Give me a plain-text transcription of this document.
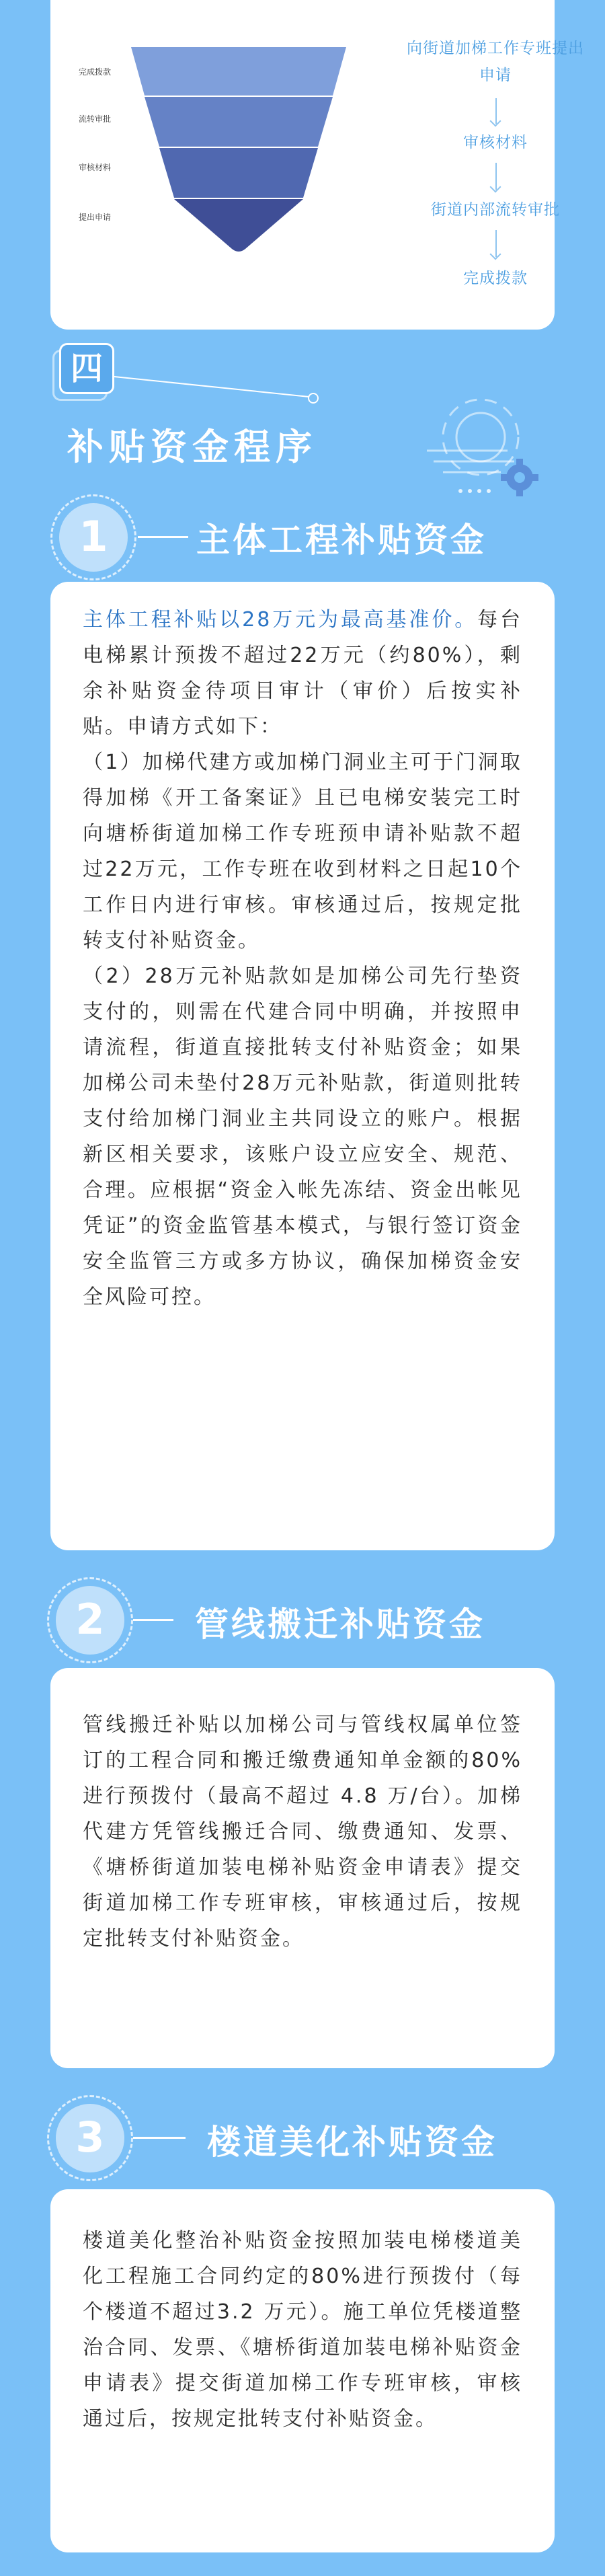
完成拨款
流转审批
审核材料
提出申请
向街道加梯工作专班提出申请
审核材料
街道内部流转审批
完成拨款
四
补贴资金程序
1	主体工程补贴资金

主体工程补贴以28万元为最高基准价。每台电梯累计预拨不超过22万元（约80%），剩余补贴资金待项目审计（审价）后按实补贴。申请方式如下：

（1）加梯代建方或加梯门洞业主可于门洞取得加梯《开工备案证》且已电梯安装完工时向塘桥街道加梯工作专班预申请补贴款不超过22万元，工作专班在收到材料之日起10个工作日内进行审核。审核通过后，按规定批转支付补贴资金。

（2）28万元补贴款如是加梯公司先行垫资支付的，则需在代建合同中明确，并按照申请流程，街道直接批转支付补贴资金；如果加梯公司未垫付28万元补贴款，街道则批转支付给加梯门洞业主共同设立的账户。根据新区相关要求，该账户设立应安全、规范、合理。应根据“资金入帐先冻结、资金出帐见凭证”的资金监管基本模式，与银行签订资金安全监管三方或多方协议，确保加梯资金安全风险可控。

2	管线搬迁补贴资金

管线搬迁补贴以加梯公司与管线权属单位签订的工程合同和搬迁缴费通知单金额的80%进行预拨付（最高不超过 4.8 万/台）。加梯代建方凭管线搬迁合同、缴费通知、发票、《塘桥街道加装电梯补贴资金申请表》提交街道加梯工作专班审核，审核通过后，按规定批转支付补贴资金。

3	楼道美化补贴资金

楼道美化整治补贴资金按照加装电梯楼道美化工程施工合同约定的80%进行预拨付（每个楼道不超过3.2 万元）。施工单位凭楼道整治合同、发票、《塘桥街道加装电梯补贴资金申请表》提交街道加梯工作专班审核，审核通过后，按规定批转支付补贴资金。
